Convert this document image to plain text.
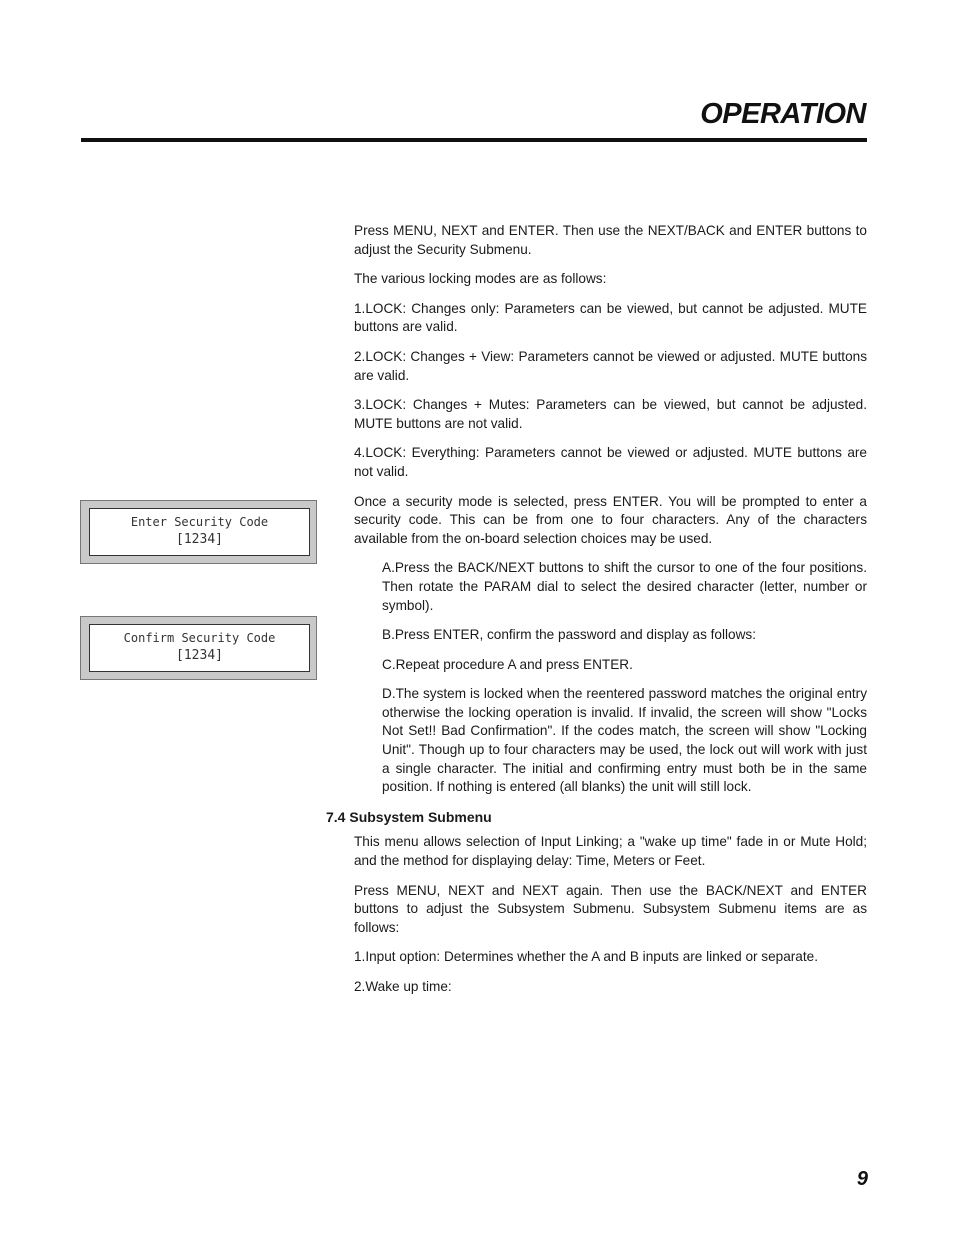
OPERATION
Enter Security Code
[1234]
Confirm Security Code
[1234]

Press MENU, NEXT and ENTER. Then use the NEXT/BACK and ENTER buttons to adjust the Security Submenu.

The various locking modes are as follows:

1.LOCK: Changes only: Parameters can be viewed, but cannot be adjusted. MUTE buttons are valid.

2.LOCK: Changes + View: Parameters cannot be viewed or adjusted. MUTE buttons are valid.

3.LOCK: Changes + Mutes: Parameters can be viewed, but cannot be adjusted. MUTE buttons are not valid.

4.LOCK: Everything: Parameters cannot be viewed or adjusted. MUTE buttons are not valid.

Once a security mode is selected, press ENTER. You will be prompted to enter a security code. This can be from one to four characters. Any of the characters available from the on-board selection choices may be used.

A.Press the BACK/NEXT buttons to shift the cursor to one of the four positions. Then rotate the PARAM dial to select the desired character (letter, number or symbol).

B.Press ENTER, confirm the password and display as follows:

C.Repeat procedure A and press ENTER.

D.The system is locked when the reentered password matches the original entry otherwise the locking operation is invalid. If invalid, the screen will show "Locks Not Set!! Bad Confirmation". If the codes match, the screen will show "Locking Unit". Though up to four characters may be used, the lock out will work with just a single character. The initial and confirming entry must both be in the same position. If nothing is entered (all blanks) the unit will still lock.

7.4 Subsystem Submenu

This menu allows selection of Input Linking; a "wake up time" fade in or Mute Hold; and the method for displaying delay: Time, Meters or Feet.

Press MENU, NEXT and NEXT again. Then use the BACK/NEXT and ENTER buttons to adjust the Subsystem Submenu. Subsystem Submenu items are as follows:

1.Input option: Determines whether the A and B inputs are linked or separate.

2.Wake up time:

9
